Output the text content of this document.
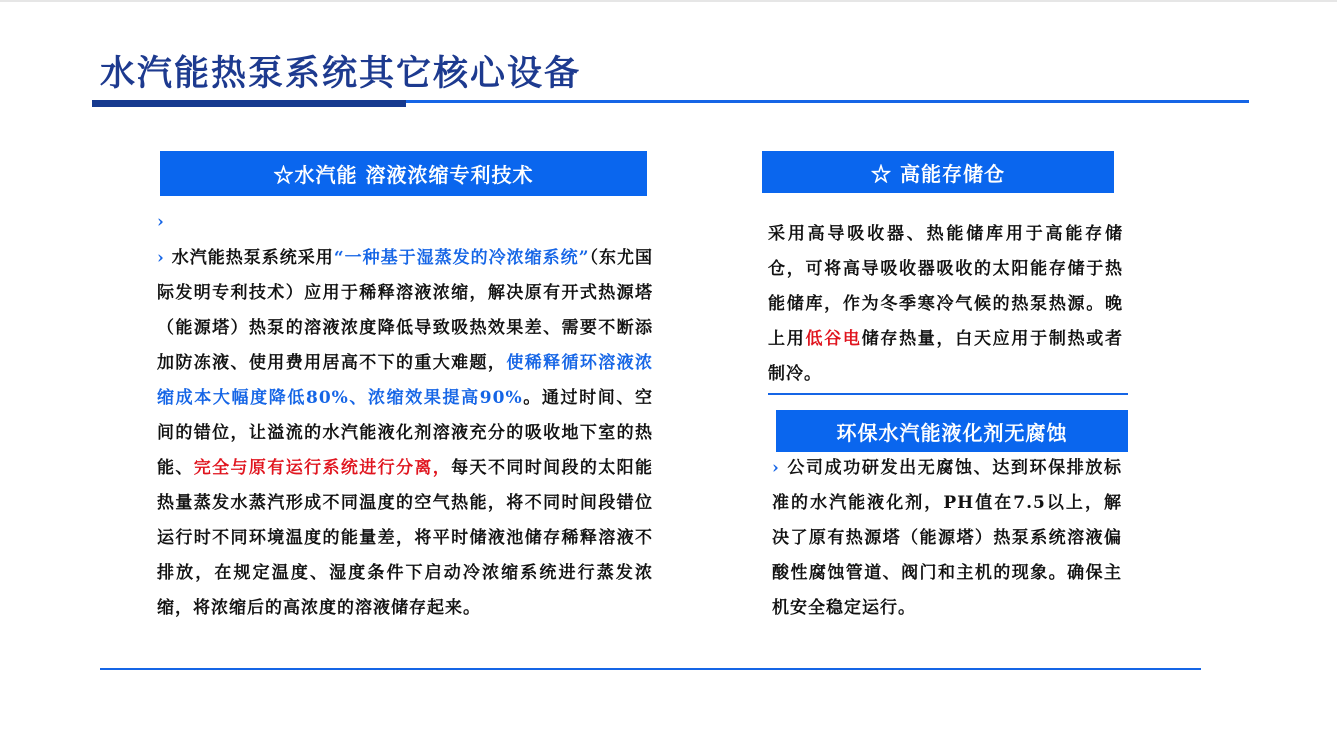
水汽能热泵系统其它核心设备
☆水汽能 溶液浓缩专利技术
›
› 水汽能热泵系统采用“一种基于湿蒸发的冷浓缩系统”（东尤国际发明专利技术）应用于稀释溶液浓缩，解决原有开式热源塔（能源塔）热泵的溶液浓度降低导致吸热效果差、需要不断添加防冻液、使用费用居高不下的重大难题，使稀释循环溶液浓缩成本大幅度降低80%、浓缩效果提高90%。通过时间、空间的错位，让溢流的水汽能液化剂溶液充分的吸收地下室的热能、完全与原有运行系统进行分离，每天不同时间段的太阳能热量蒸发水蒸汽形成不同温度的空气热能，将不同时间段错位运行时不同环境温度的能量差，将平时储液池储存稀释溶液不排放，在规定温度、湿度条件下启动冷浓缩系统进行蒸发浓缩，将浓缩后的高浓度的溶液储存起来。
☆ 高能存储仓
采用高导吸收器、热能储库用于高能存储仓，可将高导吸收器吸收的太阳能存储于热能储库，作为冬季寒冷气候的热泵热源。晚上用低谷电储存热量，白天应用于制热或者制冷。
环保水汽能液化剂无腐蚀
› 公司成功研发出无腐蚀、达到环保排放标准的水汽能液化剂，PH值在7.5以上，解决了原有热源塔（能源塔）热泵系统溶液偏酸性腐蚀管道、阀门和主机的现象。确保主机安全稳定运行。
